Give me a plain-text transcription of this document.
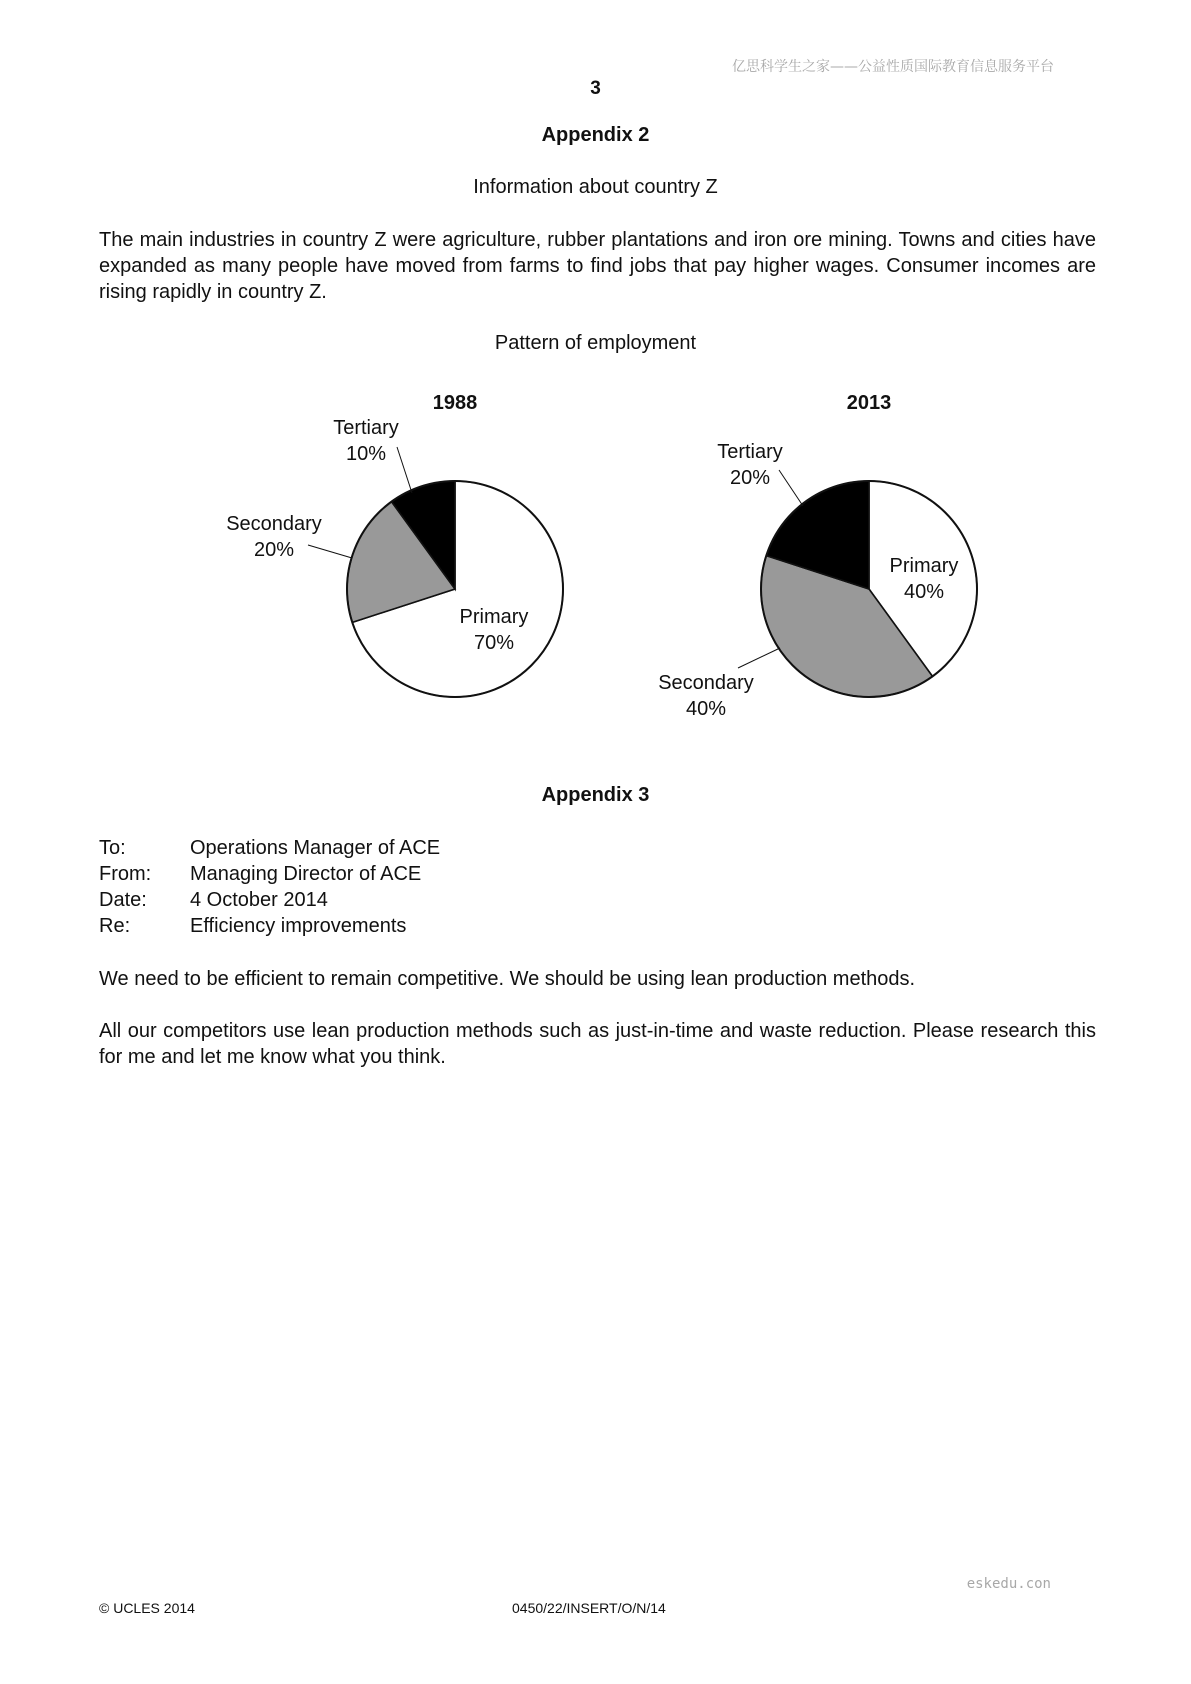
亿思科学生之家——公益性质国际教育信息服务平台
3
Appendix 2
Information about country Z

The main industries in country Z were agriculture, rubber plantations and iron ore mining. Towns and cities have expanded as many people have moved from farms to find jobs that pay higher wages. Consumer incomes are rising rapidly in country Z.

Pattern of employment
1988
Primary
70%
Secondary
20%
Tertiary
10%
2013
Primary
40%
Secondary
40%
Tertiary
20%
Appendix 3
To:	Operations Manager of ACE
From:	Managing Director of ACE
Date:	4 October 2014
Re:	Efficiency improvements

We need to be efficient to remain competitive. We should be using lean production methods.

All our competitors use lean production methods such as just-in-time and waste reduction. Please research this for me and let me know what you think.

eskedu.con
© UCLES 2014	0450/22/INSERT/O/N/14
